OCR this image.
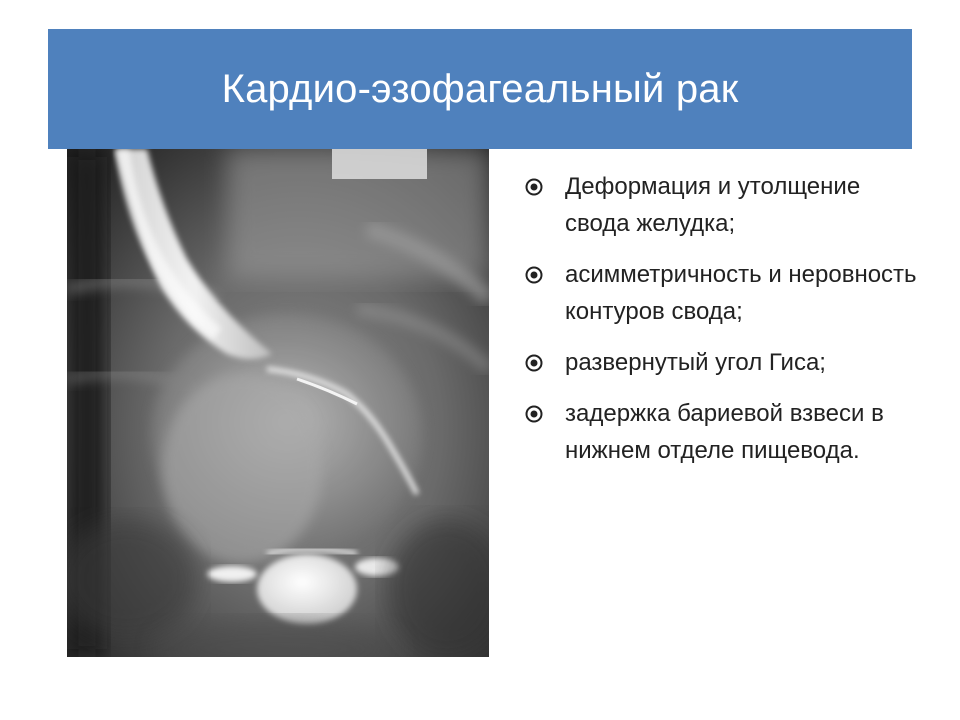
Кардио-эзофагеальный рак
Деформация и утолщение свода желудка;
асимметричность и неровность контуров свода;
развернутый угол Гиса;
задержка бариевой взвеси в нижнем отделе пищевода.
